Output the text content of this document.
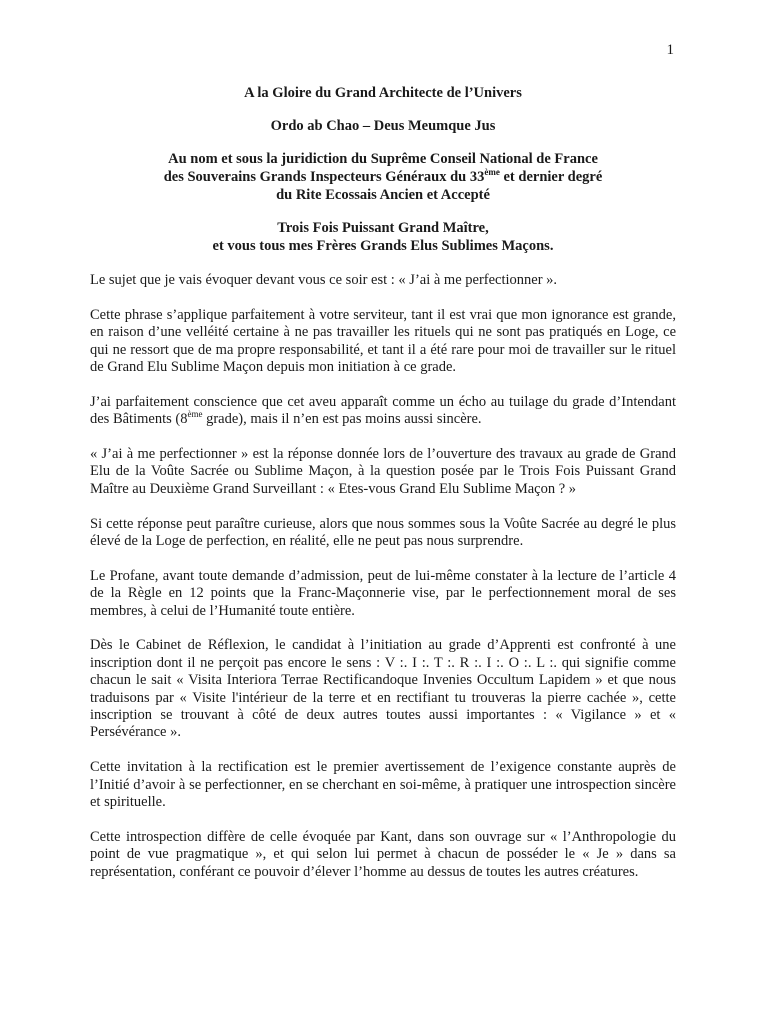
1

A la Gloire du Grand Architecte de l’Univers

Ordo ab Chao – Deus Meumque Jus

Au nom et sous la juridiction du Suprême Conseil National de France
des Souverains Grands Inspecteurs Généraux du 33ème et dernier degré
du Rite Ecossais Ancien et Accepté

Trois Fois Puissant Grand Maître,
et vous tous mes Frères Grands Elus Sublimes Maçons.

Le sujet que je vais évoquer devant vous ce soir est : « J’ai à me perfectionner ».

Cette phrase s’applique parfaitement à votre serviteur, tant il est vrai que mon ignorance est grande, en raison d’une velléité certaine à ne pas travailler les rituels qui ne sont pas pratiqués en Loge, ce qui ne ressort que de ma propre responsabilité, et tant il a été rare pour moi de travailler sur le rituel de Grand Elu Sublime Maçon depuis mon initiation à ce grade.

J’ai parfaitement conscience que cet aveu apparaît comme un écho au tuilage du grade d’Intendant des Bâtiments (8ème grade), mais il n’en est pas moins aussi sincère.

« J’ai à me perfectionner » est la réponse donnée lors de l’ouverture des travaux au grade de Grand Elu de la Voûte Sacrée ou Sublime Maçon, à la question posée par le Trois Fois Puissant Grand Maître au Deuxième Grand Surveillant : « Etes-vous Grand Elu Sublime Maçon ? »

Si cette réponse peut paraître curieuse, alors que nous sommes sous la Voûte Sacrée au degré le plus élevé de la Loge de perfection, en réalité, elle ne peut pas nous surprendre.

Le Profane, avant toute demande d’admission, peut de lui-même constater à la lecture de l’article 4 de la Règle en 12 points que la Franc-Maçonnerie vise, par le perfectionnement moral de ses membres, à celui de l’Humanité toute entière.

Dès le Cabinet de Réflexion, le candidat à l’initiation au grade d’Apprenti est confronté à une inscription dont il ne perçoit pas encore le sens : V :. I :. T :. R :. I :. O :. L :. qui signifie comme chacun le sait « Visita Interiora Terrae Rectificandoque Invenies Occultum Lapidem » et que nous traduisons par « Visite l'intérieur de la terre et en rectifiant tu trouveras la pierre cachée », cette inscription se trouvant à côté de deux autres toutes aussi importantes : « Vigilance » et « Persévérance ».

Cette invitation à la rectification est le premier avertissement de l’exigence constante auprès de l’Initié d’avoir à se perfectionner, en se cherchant en soi-même, à pratiquer une introspection sincère et spirituelle.

Cette introspection diffère de celle évoquée par Kant, dans son ouvrage sur « l’Anthropologie du point de vue pragmatique », et qui selon lui permet à chacun de posséder le « Je » dans sa représentation, conférant ce pouvoir d’élever l’homme au dessus de toutes les autres créatures.
